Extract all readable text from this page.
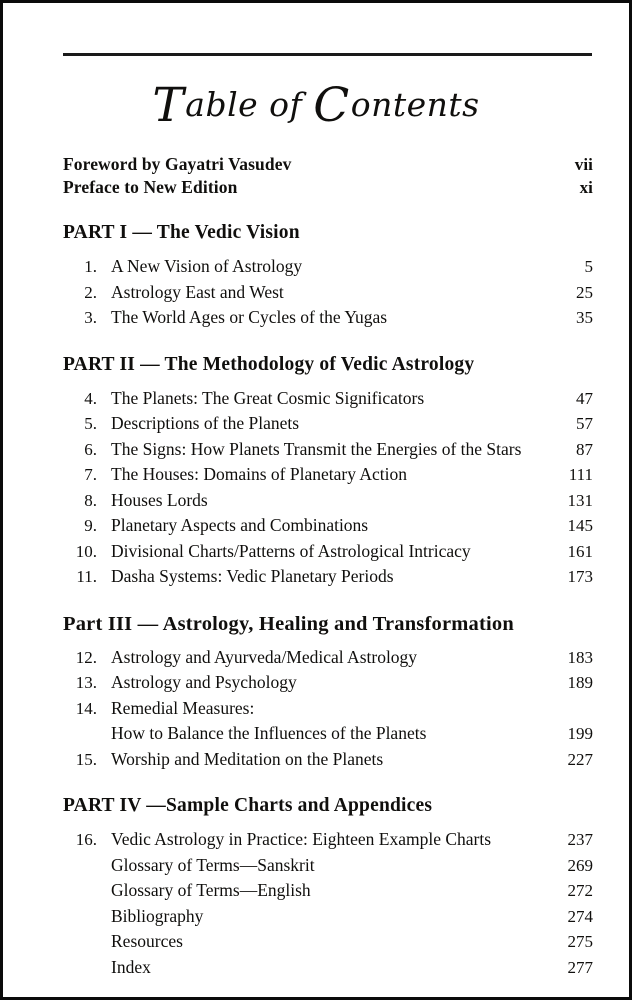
Table of Contents
Foreword by Gayatri Vasudev	vii
Preface to New Edition	xi
PART I — The Vedic Vision
1. A New Vision of Astrology	5
2. Astrology East and West	25
3. The World Ages or Cycles of the Yugas	35
PART II — The Methodology of Vedic Astrology
4. The Planets: The Great Cosmic Significators	47
5. Descriptions of the Planets	57
6. The Signs: How Planets Transmit the Energies of the Stars	87
7. The Houses: Domains of Planetary Action	111
8. Houses Lords	131
9. Planetary Aspects and Combinations	145
10. Divisional Charts/Patterns of Astrological Intricacy	161
11. Dasha Systems: Vedic Planetary Periods	173
Part III — Astrology, Healing and Transformation
12. Astrology and Ayurveda/Medical Astrology	183
13. Astrology and Psychology	189
14. Remedial Measures:
How to Balance the Influences of the Planets	199
15. Worship and Meditation on the Planets	227
PART IV —Sample Charts and Appendices
16. Vedic Astrology in Practice: Eighteen Example Charts	237
Glossary of Terms—Sanskrit	269
Glossary of Terms—English	272
Bibliography	274
Resources	275
Index	277
